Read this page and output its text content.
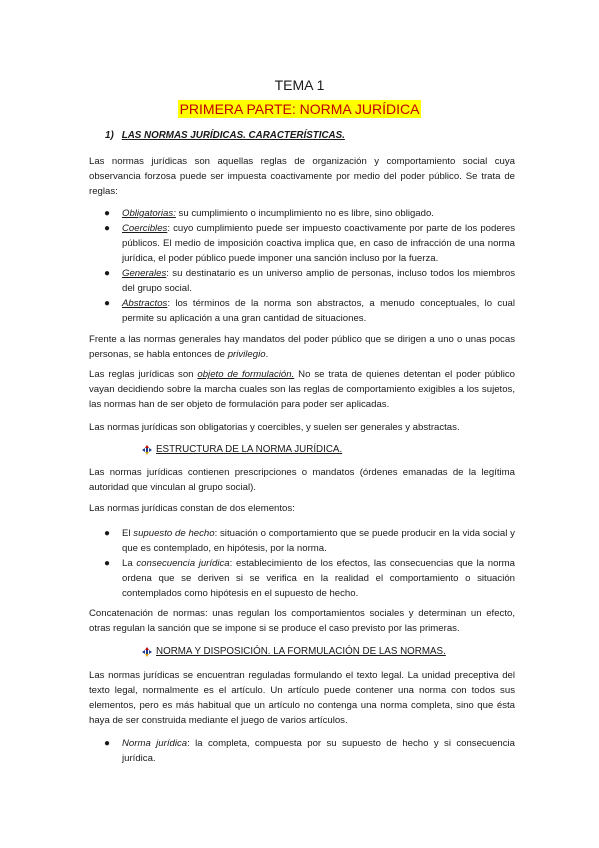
TEMA 1
PRIMERA PARTE: NORMA JURÍDICA
1) LAS NORMAS JURÍDICAS. CARACTERÍSTICAS.

Las normas jurídicas son aquellas reglas de organización y comportamiento social cuya observancia forzosa puede ser impuesta coactivamente por medio del poder público. Se trata de reglas:

● Obligatorias: su cumplimiento o incumplimiento no es libre, sino obligado.
● Coercibles: cuyo cumplimiento puede ser impuesto coactivamente por parte de los poderes públicos. El medio de imposición coactiva implica que, en caso de infracción de una norma jurídica, el poder público puede imponer una sanción incluso por la fuerza.
● Generales: su destinatario es un universo amplio de personas, incluso todos los miembros del grupo social.
● Abstractos: los términos de la norma son abstractos, a menudo conceptuales, lo cual permite su aplicación a una gran cantidad de situaciones.

Frente a las normas generales hay mandatos del poder público que se dirigen a uno o unas pocas personas, se habla entonces de privilegio.

Las reglas jurídicas son objeto de formulación. No se trata de quienes detentan el poder público vayan decidiendo sobre la marcha cuales son las reglas de comportamiento exigibles a los sujetos, las normas han de ser objeto de formulación para poder ser aplicadas.

Las normas jurídicas son obligatorias y coercibles, y suelen ser generales y abstractas.

ESTRUCTURA DE LA NORMA JURÍDICA.

Las normas jurídicas contienen prescripciones o mandatos (órdenes emanadas de la legítima autoridad que vinculan al grupo social).

Las normas jurídicas constan de dos elementos:

● El supuesto de hecho: situación o comportamiento que se puede producir en la vida social y que es contemplado, en hipótesis, por la norma.
● La consecuencia jurídica: establecimiento de los efectos, las consecuencias que la norma ordena que se deriven si se verifica en la realidad el comportamiento o situación contemplados como hipótesis en el supuesto de hecho.

Concatenación de normas: unas regulan los comportamientos sociales y determinan un efecto, otras regulan la sanción que se impone si se produce el caso previsto por las primeras.

NORMA Y DISPOSICIÓN. LA FORMULACIÓN DE LAS NORMAS.

Las normas jurídicas se encuentran reguladas formulando el texto legal. La unidad preceptiva del texto legal, normalmente es el artículo. Un artículo puede contener una norma con todos sus elementos, pero es más habitual que un artículo no contenga una norma completa, sino que ésta haya de ser construida mediante el juego de varios artículos.

● Norma jurídica: la completa, compuesta por su supuesto de hecho y si consecuencia jurídica.
